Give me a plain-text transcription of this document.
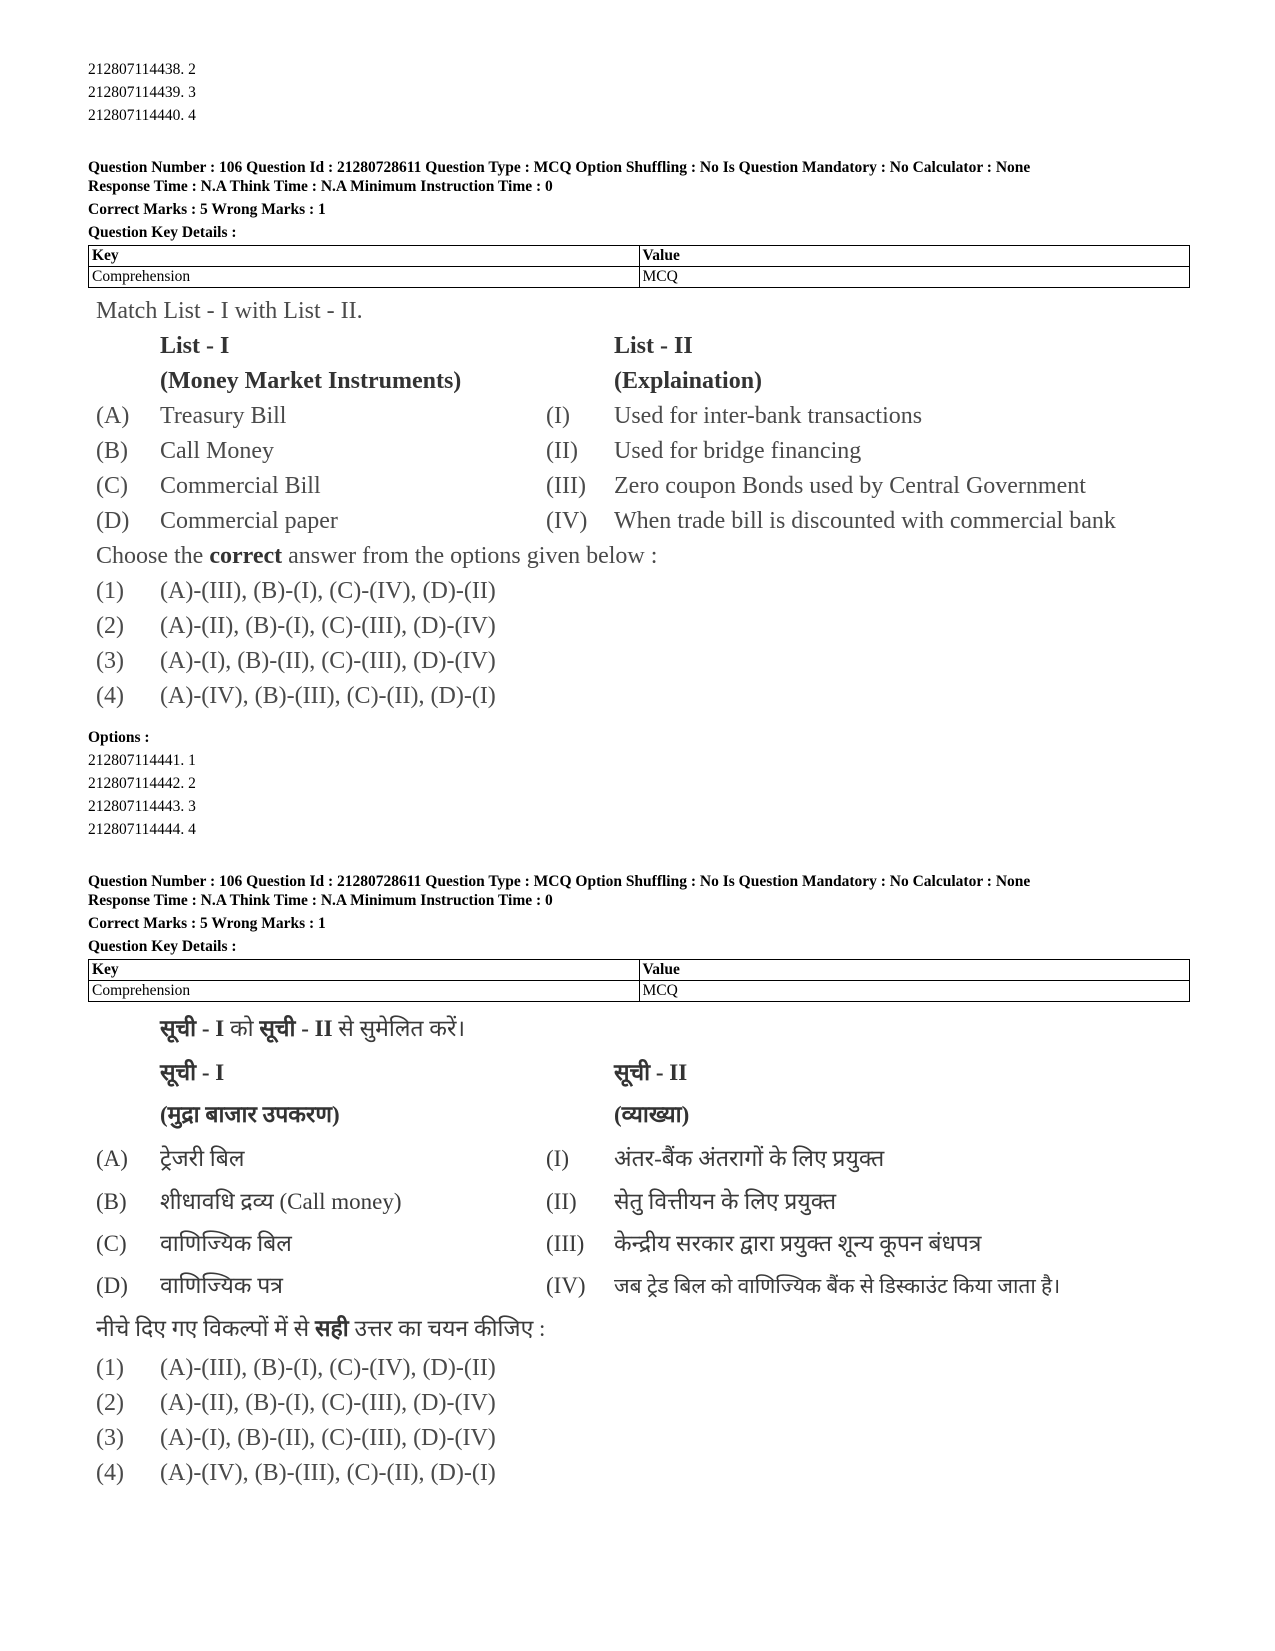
212807114438. 2
212807114439. 3
212807114440. 4
Question Number : 106 Question Id : 21280728611 Question Type : MCQ Option Shuffling : No Is Question Mandatory : No Calculator : None
Response Time : N.A Think Time : N.A Minimum Instruction Time : 0
Correct Marks : 5 Wrong Marks : 1
Question Key Details :
Key	Value
Comprehension	MCQ
Match List - I with List - II.
List - I	List - II
(Money Market Instruments)	(Explaination)
(A) Treasury Bill	(I) Used for inter-bank transactions
(B) Call Money	(II) Used for bridge financing
(C) Commercial Bill	(III) Zero coupon Bonds used by Central Government
(D) Commercial paper	(IV) When trade bill is discounted with commercial bank
Choose the correct answer from the options given below :
(1) (A)-(III), (B)-(I), (C)-(IV), (D)-(II)
(2) (A)-(II), (B)-(I), (C)-(III), (D)-(IV)
(3) (A)-(I), (B)-(II), (C)-(III), (D)-(IV)
(4) (A)-(IV), (B)-(III), (C)-(II), (D)-(I)
Options :
212807114441. 1
212807114442. 2
212807114443. 3
212807114444. 4
Question Number : 106 Question Id : 21280728611 Question Type : MCQ Option Shuffling : No Is Question Mandatory : No Calculator : None
Response Time : N.A Think Time : N.A Minimum Instruction Time : 0
Correct Marks : 5 Wrong Marks : 1
Question Key Details :
Key	Value
Comprehension	MCQ
सूची - I को सूची - II से सुमेलित करें।
सूची - I	सूची - II
(मुद्रा बाजार उपकरण)	(व्याख्या)
(A) ट्रेजरी बिल	(I) अंतर-बैंक अंतरागों के लिए प्रयुक्त
(B) शीधावधि द्रव्य (Call money)	(II) सेतु वित्तीयन के लिए प्रयुक्त
(C) वाणिज्यिक बिल	(III) केन्द्रीय सरकार द्वारा प्रयुक्त शून्य कूपन बंधपत्र
(D) वाणिज्यिक पत्र	(IV) जब ट्रेड बिल को वाणिज्यिक बैंक से डिस्काउंट किया जाता है।
नीचे दिए गए विकल्पों में से सही उत्तर का चयन कीजिए :
(1) (A)-(III), (B)-(I), (C)-(IV), (D)-(II)
(2) (A)-(II), (B)-(I), (C)-(III), (D)-(IV)
(3) (A)-(I), (B)-(II), (C)-(III), (D)-(IV)
(4) (A)-(IV), (B)-(III), (C)-(II), (D)-(I)
